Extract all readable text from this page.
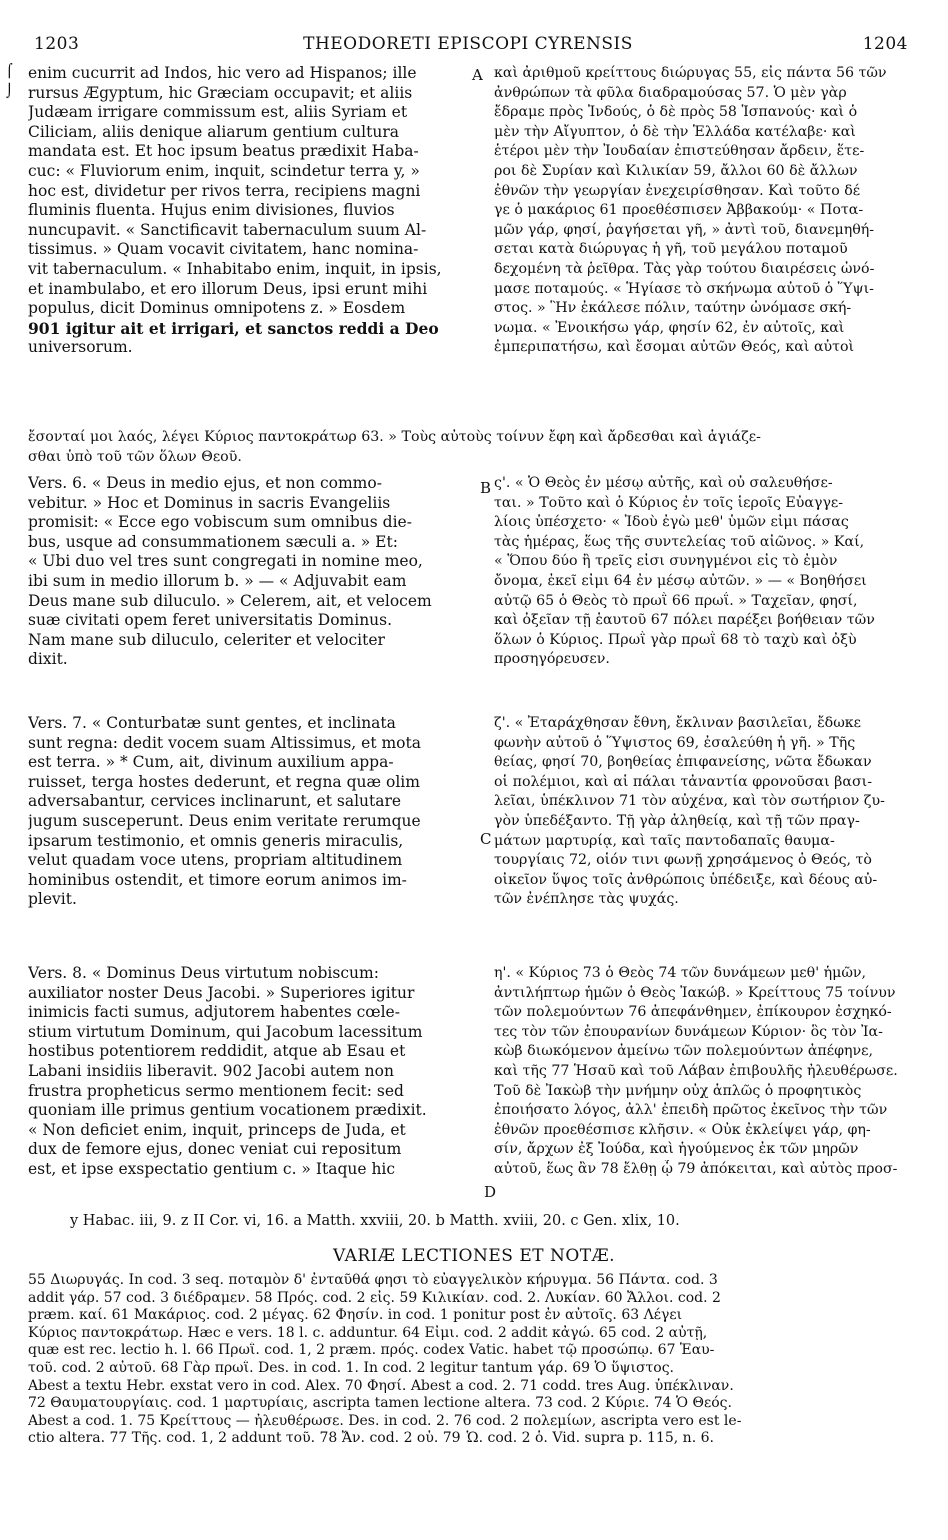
1203	THEODORETI EPISCOPI CYRENSIS	1204
⌠
⌡
A
B
C
D

enim cucurrit ad Indos, hic vero ad Hispanos; ille

rursus Ægyptum, hic Græciam occupavit; et aliis

Judæam irrigare commissum est, aliis Syriam et

Ciliciam, aliis denique aliarum gentium cultura

mandata est. Et hoc ipsum beatus prædixit Haba-

cuc: « Fluviorum enim, inquit, scindetur terra y, »

hoc est, dividetur per rivos terra, recipiens magni

fluminis fluenta. Hujus enim divisiones, fluvios

nuncupavit. « Sanctificavit tabernaculum suum Al-

tissimus. » Quam vocavit civitatem, hanc nomina-

vit tabernaculum. « Inhabitabo enim, inquit, in ipsis,

et inambulabo, et ero illorum Deus, ipsi erunt mihi

populus, dicit Dominus omnipotens z. » Eosdem

901 igitur ait et irrigari, et sanctos reddi a Deo

universorum.

καὶ ἀριθμοῦ κρείττους διώρυγας 55, εἰς πάντα 56 τῶν

ἀνθρώπων τὰ φῦλα διαδραμούσας 57. Ὁ μὲν γὰρ

ἔδραμε πρὸς Ἰνδούς, ὁ δὲ πρὸς 58 Ἱσπανούς· καὶ ὁ

μὲν τὴν Αἴγυπτον, ὁ δὲ τὴν Ἑλλάδα κατέλαβε· καὶ

ἑτέροι μὲν τὴν Ἰουδαίαν ἐπιστεύθησαν ἄρδειν, ἕτε-

ροι δὲ Συρίαν καὶ Κιλικίαν 59, ἄλλοι 60 δὲ ἄλλων

ἐθνῶν τὴν γεωργίαν ἐνεχειρίσθησαν. Καὶ τοῦτο δέ

γε ὁ μακάριος 61 προεθέσπισεν Ἀββακούμ· « Ποτα-

μῶν γάρ, φησί, ῥαγήσεται γῆ, » ἀντὶ τοῦ, διανεμηθή-

σεται κατὰ διώρυγας ἡ γῆ, τοῦ μεγάλου ποταμοῦ

δεχομένη τὰ ῥεῖθρα. Τὰς γὰρ τούτου διαιρέσεις ὠνό-

μασε ποταμούς. « Ἡγίασε τὸ σκήνωμα αὐτοῦ ὁ Ὕψι-

στος. » Ἣν ἐκάλεσε πόλιν, ταύτην ὠνόμασε σκή-

νωμα. « Ἐνοικήσω γάρ, φησίν 62, ἐν αὐτοῖς, καὶ

ἐμπεριπατήσω, καὶ ἔσομαι αὐτῶν Θεός, καὶ αὐτοὶ

ἔσονταί μοι λαός, λέγει Κύριος παντοκράτωρ 63. » Τοὺς αὐτοὺς τοίνυν ἔφη καὶ ἄρδεσθαι καὶ ἁγιάζε-

σθαι ὑπὸ τοῦ τῶν ὅλων Θεοῦ.

Vers. 6. « Deus in medio ejus, et non commo-

vebitur. » Hoc et Dominus in sacris Evangeliis

promisit: « Ecce ego vobiscum sum omnibus die-

bus, usque ad consummationem sæculi a. » Et:

« Ubi duo vel tres sunt congregati in nomine meo,

ibi sum in medio illorum b. » — « Adjuvabit eam

Deus mane sub diluculo. » Celerem, ait, et velocem

suæ civitati opem feret universitatis Dominus.

Nam mane sub diluculo, celeriter et velociter

dixit.

ς'. « Ὁ Θεὸς ἐν μέσῳ αὐτῆς, καὶ οὐ σαλευθήσε-

ται. » Τοῦτο καὶ ὁ Κύριος ἐν τοῖς ἱεροῖς Εὐαγγε-

λίοις ὑπέσχετο· « Ἰδοὺ ἐγὼ μεθ' ὑμῶν εἰμι πάσας

τὰς ἡμέρας, ἕως τῆς συντελείας τοῦ αἰῶνος. » Καί,

« Ὅπου δύο ἢ τρεῖς εἰσι συνηγμένοι εἰς τὸ ἐμὸν

ὄνομα, ἐκεῖ εἰμι 64 ἐν μέσῳ αὐτῶν. » — « Βοηθήσει

αὐτῷ 65 ὁ Θεὸς τὸ πρωῒ 66 πρωΐ. » Ταχεῖαν, φησί,

καὶ ὀξεῖαν τῇ ἑαυτοῦ 67 πόλει παρέξει βοήθειαν τῶν

ὅλων ὁ Κύριος. Πρωῒ γὰρ πρωῒ 68 τὸ ταχὺ καὶ ὀξὺ

προσηγόρευσεν.

Vers. 7. « Conturbatæ sunt gentes, et inclinata

sunt regna: dedit vocem suam Altissimus, et mota

est terra. » * Cum, ait, divinum auxilium appa-

ruisset, terga hostes dederunt, et regna quæ olim

adversabantur, cervices inclinarunt, et salutare

jugum susceperunt. Deus enim veritate rerumque

ipsarum testimonio, et omnis generis miraculis,

velut quadam voce utens, propriam altitudinem

hominibus ostendit, et timore eorum animos im-

plevit.

ζ'. « Ἐταράχθησαν ἔθνη, ἔκλιναν βασιλεῖαι, ἔδωκε

φωνὴν αὐτοῦ ὁ Ὕψιστος 69, ἐσαλεύθη ἡ γῆ. » Τῆς

θείας, φησί 70, βοηθείας ἐπιφανείσης, νῶτα ἔδωκαν

οἱ πολέμιοι, καὶ αἱ πάλαι τἀναντία φρονοῦσαι βασι-

λεῖαι, ὑπέκλινον 71 τὸν αὐχένα, καὶ τὸν σωτήριον ζυ-

γὸν ὑπεδέξαντο. Τῇ γὰρ ἀληθείᾳ, καὶ τῇ τῶν πραγ-

μάτων μαρτυρίᾳ, καὶ ταῖς παντοδαπαῖς θαυμα-

τουργίαις 72, οἱόν τινι φωνῇ χρησάμενος ὁ Θεός, τὸ

οἰκεῖον ὕψος τοῖς ἀνθρώποις ὑπέδειξε, καὶ δέους αὐ-

τῶν ἐνέπλησε τὰς ψυχάς.

Vers. 8. « Dominus Deus virtutum nobiscum:

auxiliator noster Deus Jacobi. » Superiores igitur

inimicis facti sumus, adjutorem habentes cœle-

stium virtutum Dominum, qui Jacobum lacessitum

hostibus potentiorem reddidit, atque ab Esau et

Labani insidiis liberavit. 902 Jacobi autem non

frustra propheticus sermo mentionem fecit: sed

quoniam ille primus gentium vocationem prædixit.

« Non deficiet enim, inquit, princeps de Juda, et

dux de femore ejus, donec veniat cui repositum

est, et ipse exspectatio gentium c. » Itaque hic

η'. « Κύριος 73 ὁ Θεὸς 74 τῶν δυνάμεων μεθ' ἡμῶν,

ἀντιλήπτωρ ἡμῶν ὁ Θεὸς Ἰακώβ. » Κρείττους 75 τοίνυν

τῶν πολεμούντων 76 ἀπεφάνθημεν, ἐπίκουρον ἐσχηκό-

τες τὸν τῶν ἐπουρανίων δυνάμεων Κύριον· ὃς τὸν Ἰα-

κὼβ διωκόμενον ἀμείνω τῶν πολεμούντων ἀπέφηνε,

καὶ τῆς 77 Ἡσαῦ καὶ τοῦ Λάβαν ἐπιβουλῆς ἠλευθέρωσε.

Τοῦ δὲ Ἰακὼβ τὴν μνήμην οὐχ ἁπλῶς ὁ προφητικὸς

ἐποιήσατο λόγος, ἀλλ' ἐπειδὴ πρῶτος ἐκεῖνος τὴν τῶν

ἐθνῶν προεθέσπισε κλῆσιν. « Οὐκ ἐκλείψει γάρ, φη-

σίν, ἄρχων ἐξ Ἰούδα, καὶ ἡγούμενος ἐκ τῶν μηρῶν

αὐτοῦ, ἕως ἂν 78 ἔλθῃ ᾧ 79 ἀπόκειται, καὶ αὐτὸς προσ-

y Habac. iii, 9. z II Cor. vi, 16. a Matth. xxviii, 20. b Matth. xviii, 20. c Gen. xlix, 10.
VARIÆ LECTIONES ET NOTÆ.

55 Διωρυγάς. In cod. 3 seq. ποταμὸν δ' ἐνταῦθά φησι τὸ εὐαγγελικὸν κήρυγμα. 56 Πάντα. cod. 3

addit γάρ. 57 cod. 3 διέδραμεν. 58 Πρός. cod. 2 εἰς. 59 Κιλικίαν. cod. 2. Λυκίαν. 60 Ἄλλοι. cod. 2

præm. καί. 61 Μακάριος. cod. 2 μέγας. 62 Φησίν. in cod. 1 ponitur post ἐν αὐτοῖς. 63 Λέγει

Κύριος παντοκράτωρ. Hæc e vers. 18 l. c. adduntur. 64 Εἰμι. cod. 2 addit κἀγώ. 65 cod. 2 αὐτῇ,

quæ est rec. lectio h. l. 66 Πρωΐ. cod. 1, 2 præm. πρός. codex Vatic. habet τῷ προσώπῳ. 67 Ἑαυ-

τοῦ. cod. 2 αὐτοῦ. 68 Γὰρ πρωΐ. Des. in cod. 1. In cod. 2 legitur tantum γάρ. 69 Ὁ ὕψιστος.

Abest a textu Hebr. exstat vero in cod. Alex. 70 Φησί. Abest a cod. 2. 71 codd. tres Aug. ὑπέκλιναν.

72 Θαυματουργίαις. cod. 1 μαρτυρίαις, ascripta tamen lectione altera. 73 cod. 2 Κύριε. 74 Ὁ Θεός.

Abest a cod. 1. 75 Κρείττους — ἠλευθέρωσε. Des. in cod. 2. 76 cod. 2 πολεμίων, ascripta vero est le-

ctio altera. 77 Τῆς. cod. 1, 2 addunt τοῦ. 78 Ἄν. cod. 2 οὗ. 79 Ὧ. cod. 2 ὁ. Vid. supra p. 115, n. 6.
